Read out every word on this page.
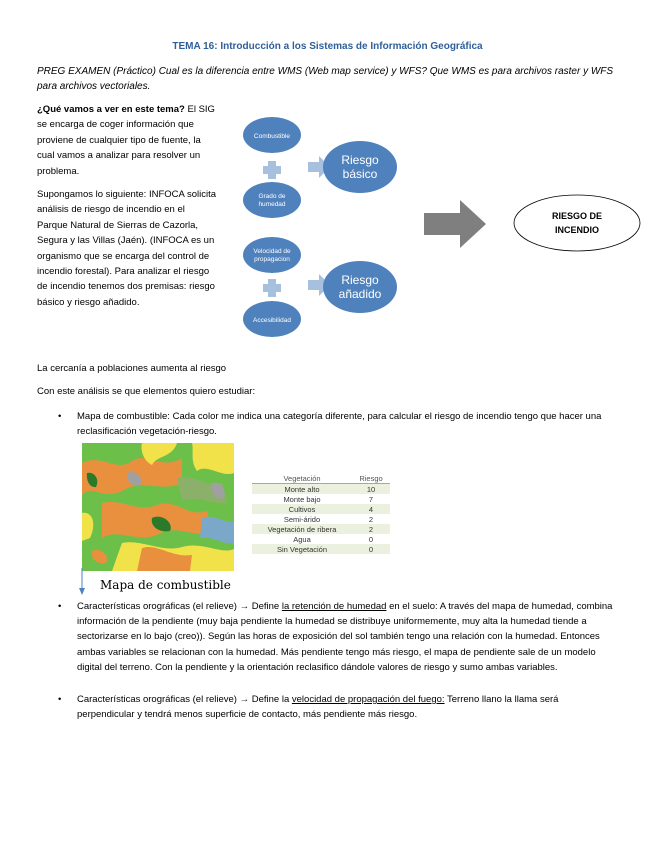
TEMA 16: Introducción a los Sistemas de Información Geográfica
PREG EXAMEN (Práctico) Cual es la diferencia entre WMS (Web map service) y WFS? Que WMS es para archivos raster y WFS para archivos vectoriales.

¿Qué vamos a ver en este tema? El SIG se encarga de coger información que proviene de cualquier tipo de fuente, la cual vamos a analizar para resolver un problema.

Supongamos lo siguiente: INFOCA solicita análisis de riesgo de incendio en el Parque Natural de Sierras de Cazorla, Segura y las Villas (Jaén). (INFOCA es un organismo que se encarga del control de incendio forestal). Para analizar el riesgo de incendio tenemos dos premisas: riesgo básico y riesgo añadido.

Combustible
Grado de
humedad
Velocidad de
propagacion
Accesibilidad
Riesgo
básico
Riesgo
añadido
RIESGO DE
INCENDIO
La cercanía a poblaciones aumenta al riesgo
Con este análisis se que elementos quiero estudiar:
• Mapa de combustible: Cada color me indica una categoría diferente, para calcular el riesgo de incendio tengo que hacer una reclasificación vegetación-riesgo.
Mapa de combustible
Vegetación	Riesgo
Monte alto	10
Monte bajo	7
Cultivos	4
Semi-árido	2
Vegetación de ribera	2
Agua	0
Sin Vegetación	0
• Características orográficas (el relieve) → Define la retención de humedad en el suelo: A través del mapa de humedad, combina información de la pendiente (muy baja pendiente la humedad se distribuye uniformemente, muy alta la humedad tiende a sectorizarse en lo bajo (creo)). Según las horas de exposición del sol también tengo una relación con la humedad. Entonces ambas variables se relacionan con la humedad. Más pendiente tengo más riesgo, el mapa de pendiente sale de un modelo digital del terreno. Con la pendiente y la orientación reclasifico dándole valores de riesgo y sumo ambas variables.
• Características orográficas (el relieve) → Define la velocidad de propagación del fuego: Terreno llano la llama será perpendicular y tendrá menos superficie de contacto, más pendiente más riesgo.
